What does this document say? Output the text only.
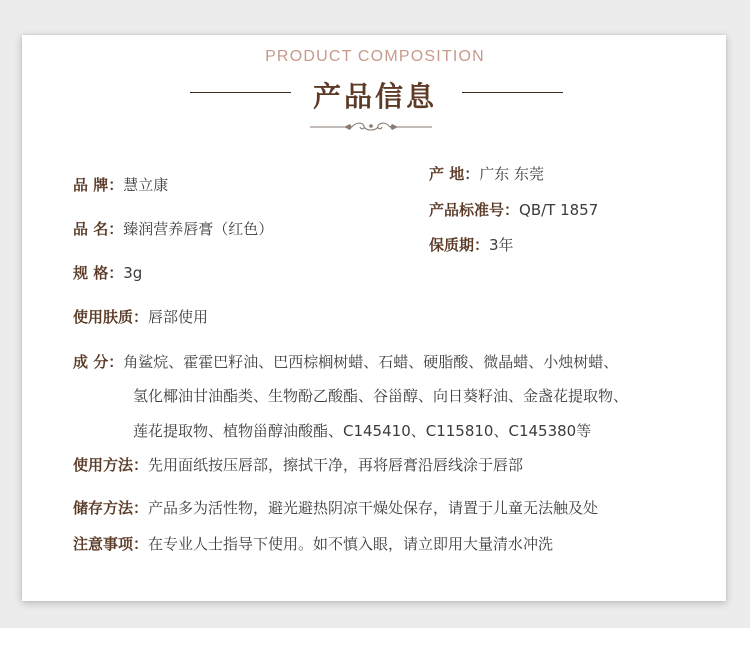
PRODUCT COMPOSITION
产品信息
品 牌：慧立康
品 名：臻润营养唇膏（红色）
规 格：3g
使用肤质：唇部使用
产 地：广东 东莞
产品标准号：QB/T 1857
保质期：3年
成 分：角鲨烷、霍霍巴籽油、巴西棕榈树蜡、石蜡、硬脂酸、微晶蜡、小烛树蜡、
氢化椰油甘油酯类、生物酚乙酸酯、谷甾醇、向日葵籽油、金盏花提取物、
莲花提取物、植物甾醇油酸酯、C145410、C115810、C145380等
使用方法：先用面纸按压唇部，擦拭干净，再将唇膏沿唇线涂于唇部
储存方法：产品多为活性物，避光避热阴凉干燥处保存，请置于儿童无法触及处
注意事项：在专业人士指导下使用。如不慎入眼，请立即用大量清水冲洗
